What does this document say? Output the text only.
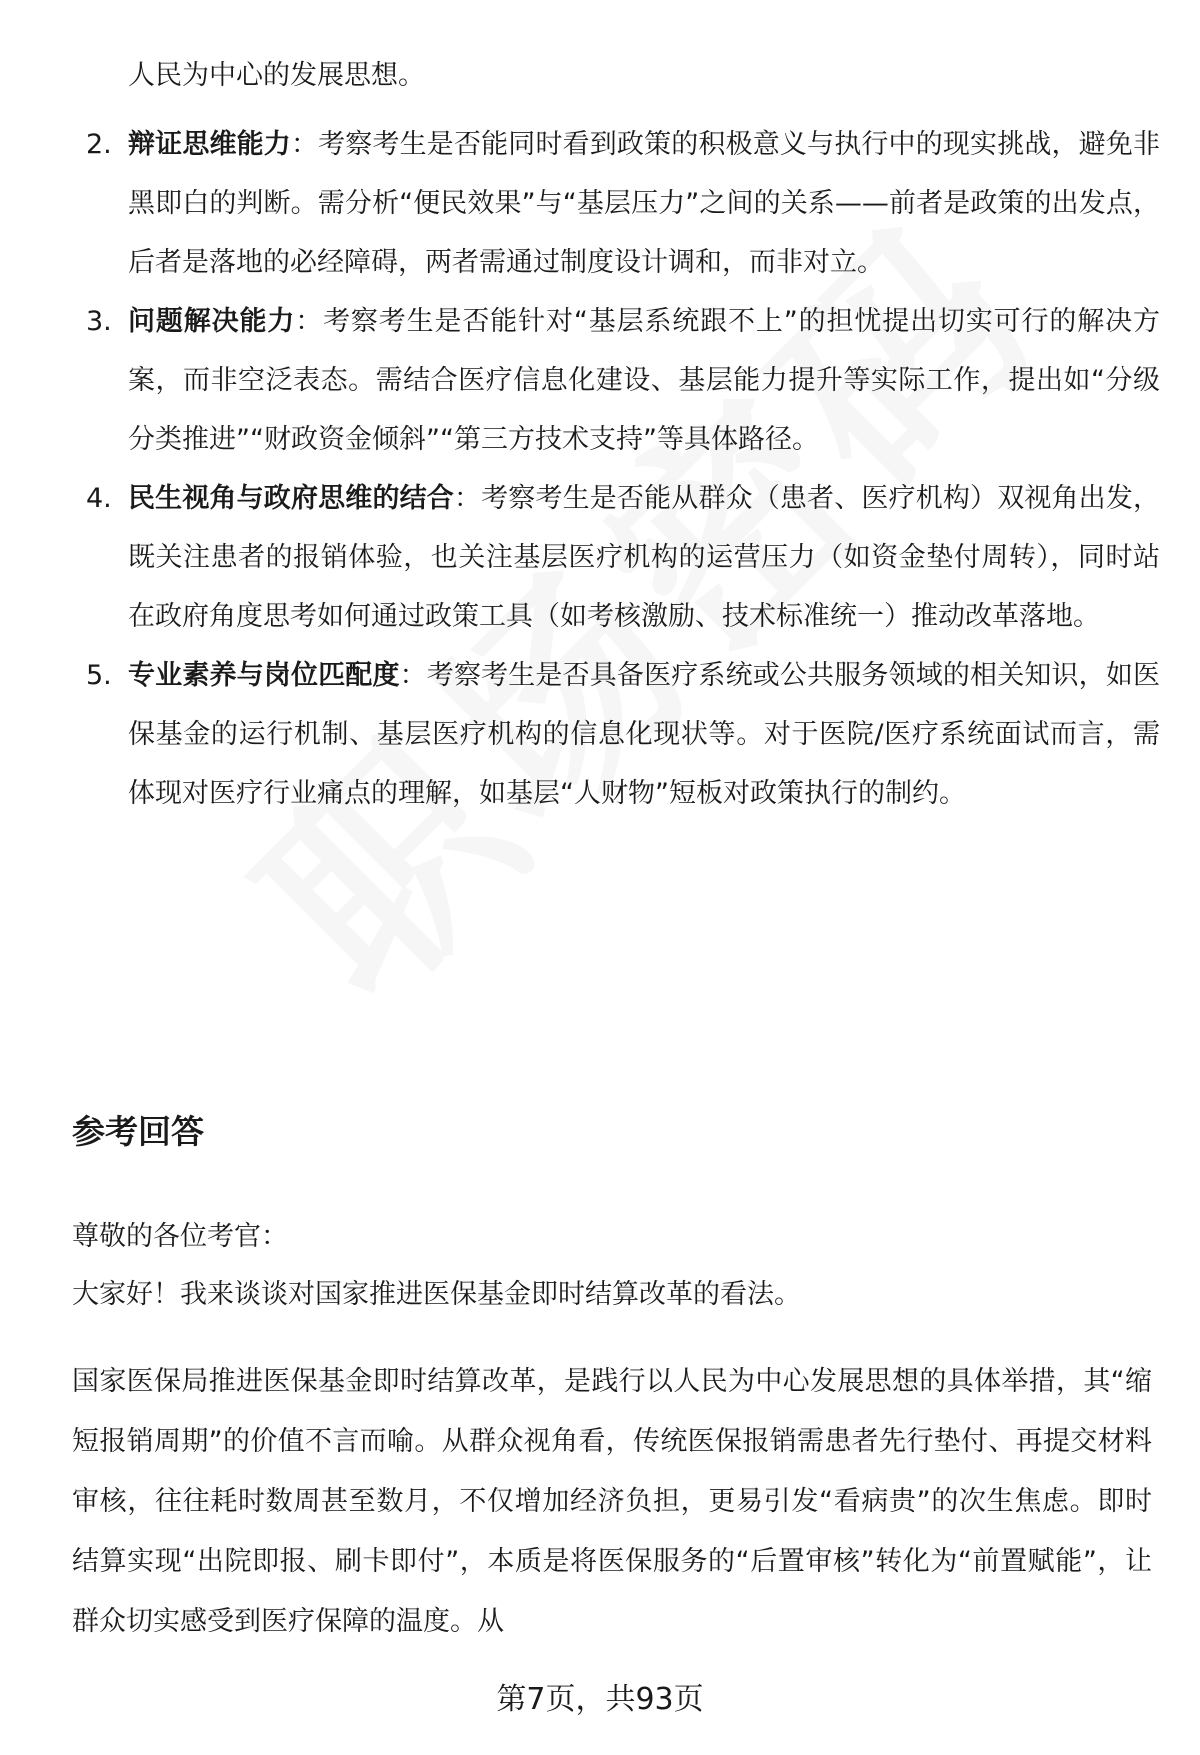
人民为中心的发展思想。
2. 辩证思维能力：考察考生是否能同时看到政策的积极意义与执行中的现实挑战，避免非黑即白的判断。需分析“便民效果”与“基层压力”之间的关系——前者是政策的出发点，后者是落地的必经障碍，两者需通过制度设计调和，而非对立。
3. 问题解决能力：考察考生是否能针对“基层系统跟不上”的担忧提出切实可行的解决方案，而非空泛表态。需结合医疗信息化建设、基层能力提升等实际工作，提出如“分级分类推进”“财政资金倾斜”“第三方技术支持”等具体路径。
4. 民生视角与政府思维的结合：考察考生是否能从群众（患者、医疗机构）双视角出发，既关注患者的报销体验，也关注基层医疗机构的运营压力（如资金垫付周转），同时站在政府角度思考如何通过政策工具（如考核激励、技术标准统一）推动改革落地。
5. 专业素养与岗位匹配度：考察考生是否具备医疗系统或公共服务领域的相关知识，如医保基金的运行机制、基层医疗机构的信息化现状等。对于医院/医疗系统面试而言，需体现对医疗行业痛点的理解，如基层“人财物”短板对政策执行的制约。
参考回答
尊敬的各位考官：
大家好！我来谈谈对国家推进医保基金即时结算改革的看法。
国家医保局推进医保基金即时结算改革，是践行以人民为中心发展思想的具体举措，其“缩短报销周期”的价值不言而喻。从群众视角看，传统医保报销需患者先行垫付、再提交材料审核，往往耗时数周甚至数月，不仅增加经济负担，更易引发“看病贵”的次生焦虑。即时结算实现“出院即报、刷卡即付”，本质是将医保服务的“后置审核”转化为“前置赋能”，让群众切实感受到医疗保障的温度。从
第7页，共93页
